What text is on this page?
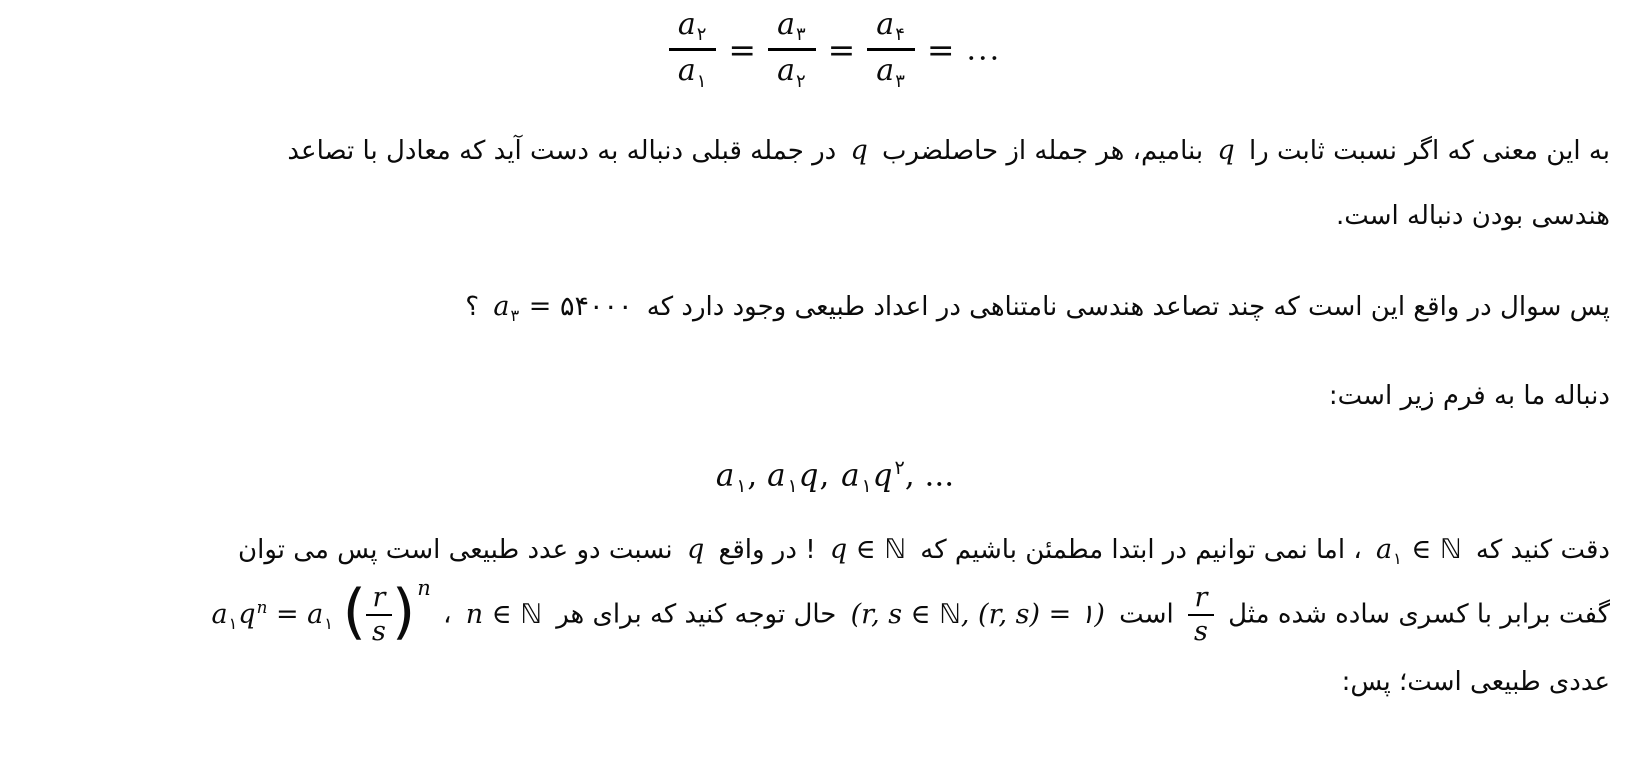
$\frac{a_۲}{a_۱} = \frac{a_۳}{a_۲} = \frac{a_۴}{a_۳}$ = ...
به این معنی که اگر نسبت ثابت را q بنامیم، هر جمله از حاصلضرب q در جمله قبلی دنباله به دست آید که معادل با تصاعد
هندسی بودن دنباله است.
پس سوال در واقع این است که چند تصاعد هندسی نامتناهی در اعداد طبیعی وجود دارد که $a_۳$ = ۵۴۰۰۰ ؟
دنباله ما به فرم زیر است:
$a_۱$, $a_۱q$, $a_۱q^۲$, ...
دقت کنید که $a_۱$ ∈ ℕ ، اما نمی توانیم در ابتدا مطمئن باشیم که q ∈ ℕ ! در واقع q نسبت دو عدد طبیعی است پس می توان
گفت برابر با کسری ساده شده مثل
$\frac{r}{s}$
است (r, s ∈ ℕ, (r, s) = ۱) حال توجه کنید که برای هر n ∈ ℕ ، $a_۱q^n = a_۱$ ( $\frac{r}{s} )^n$
عددی طبیعی است؛ پس:
